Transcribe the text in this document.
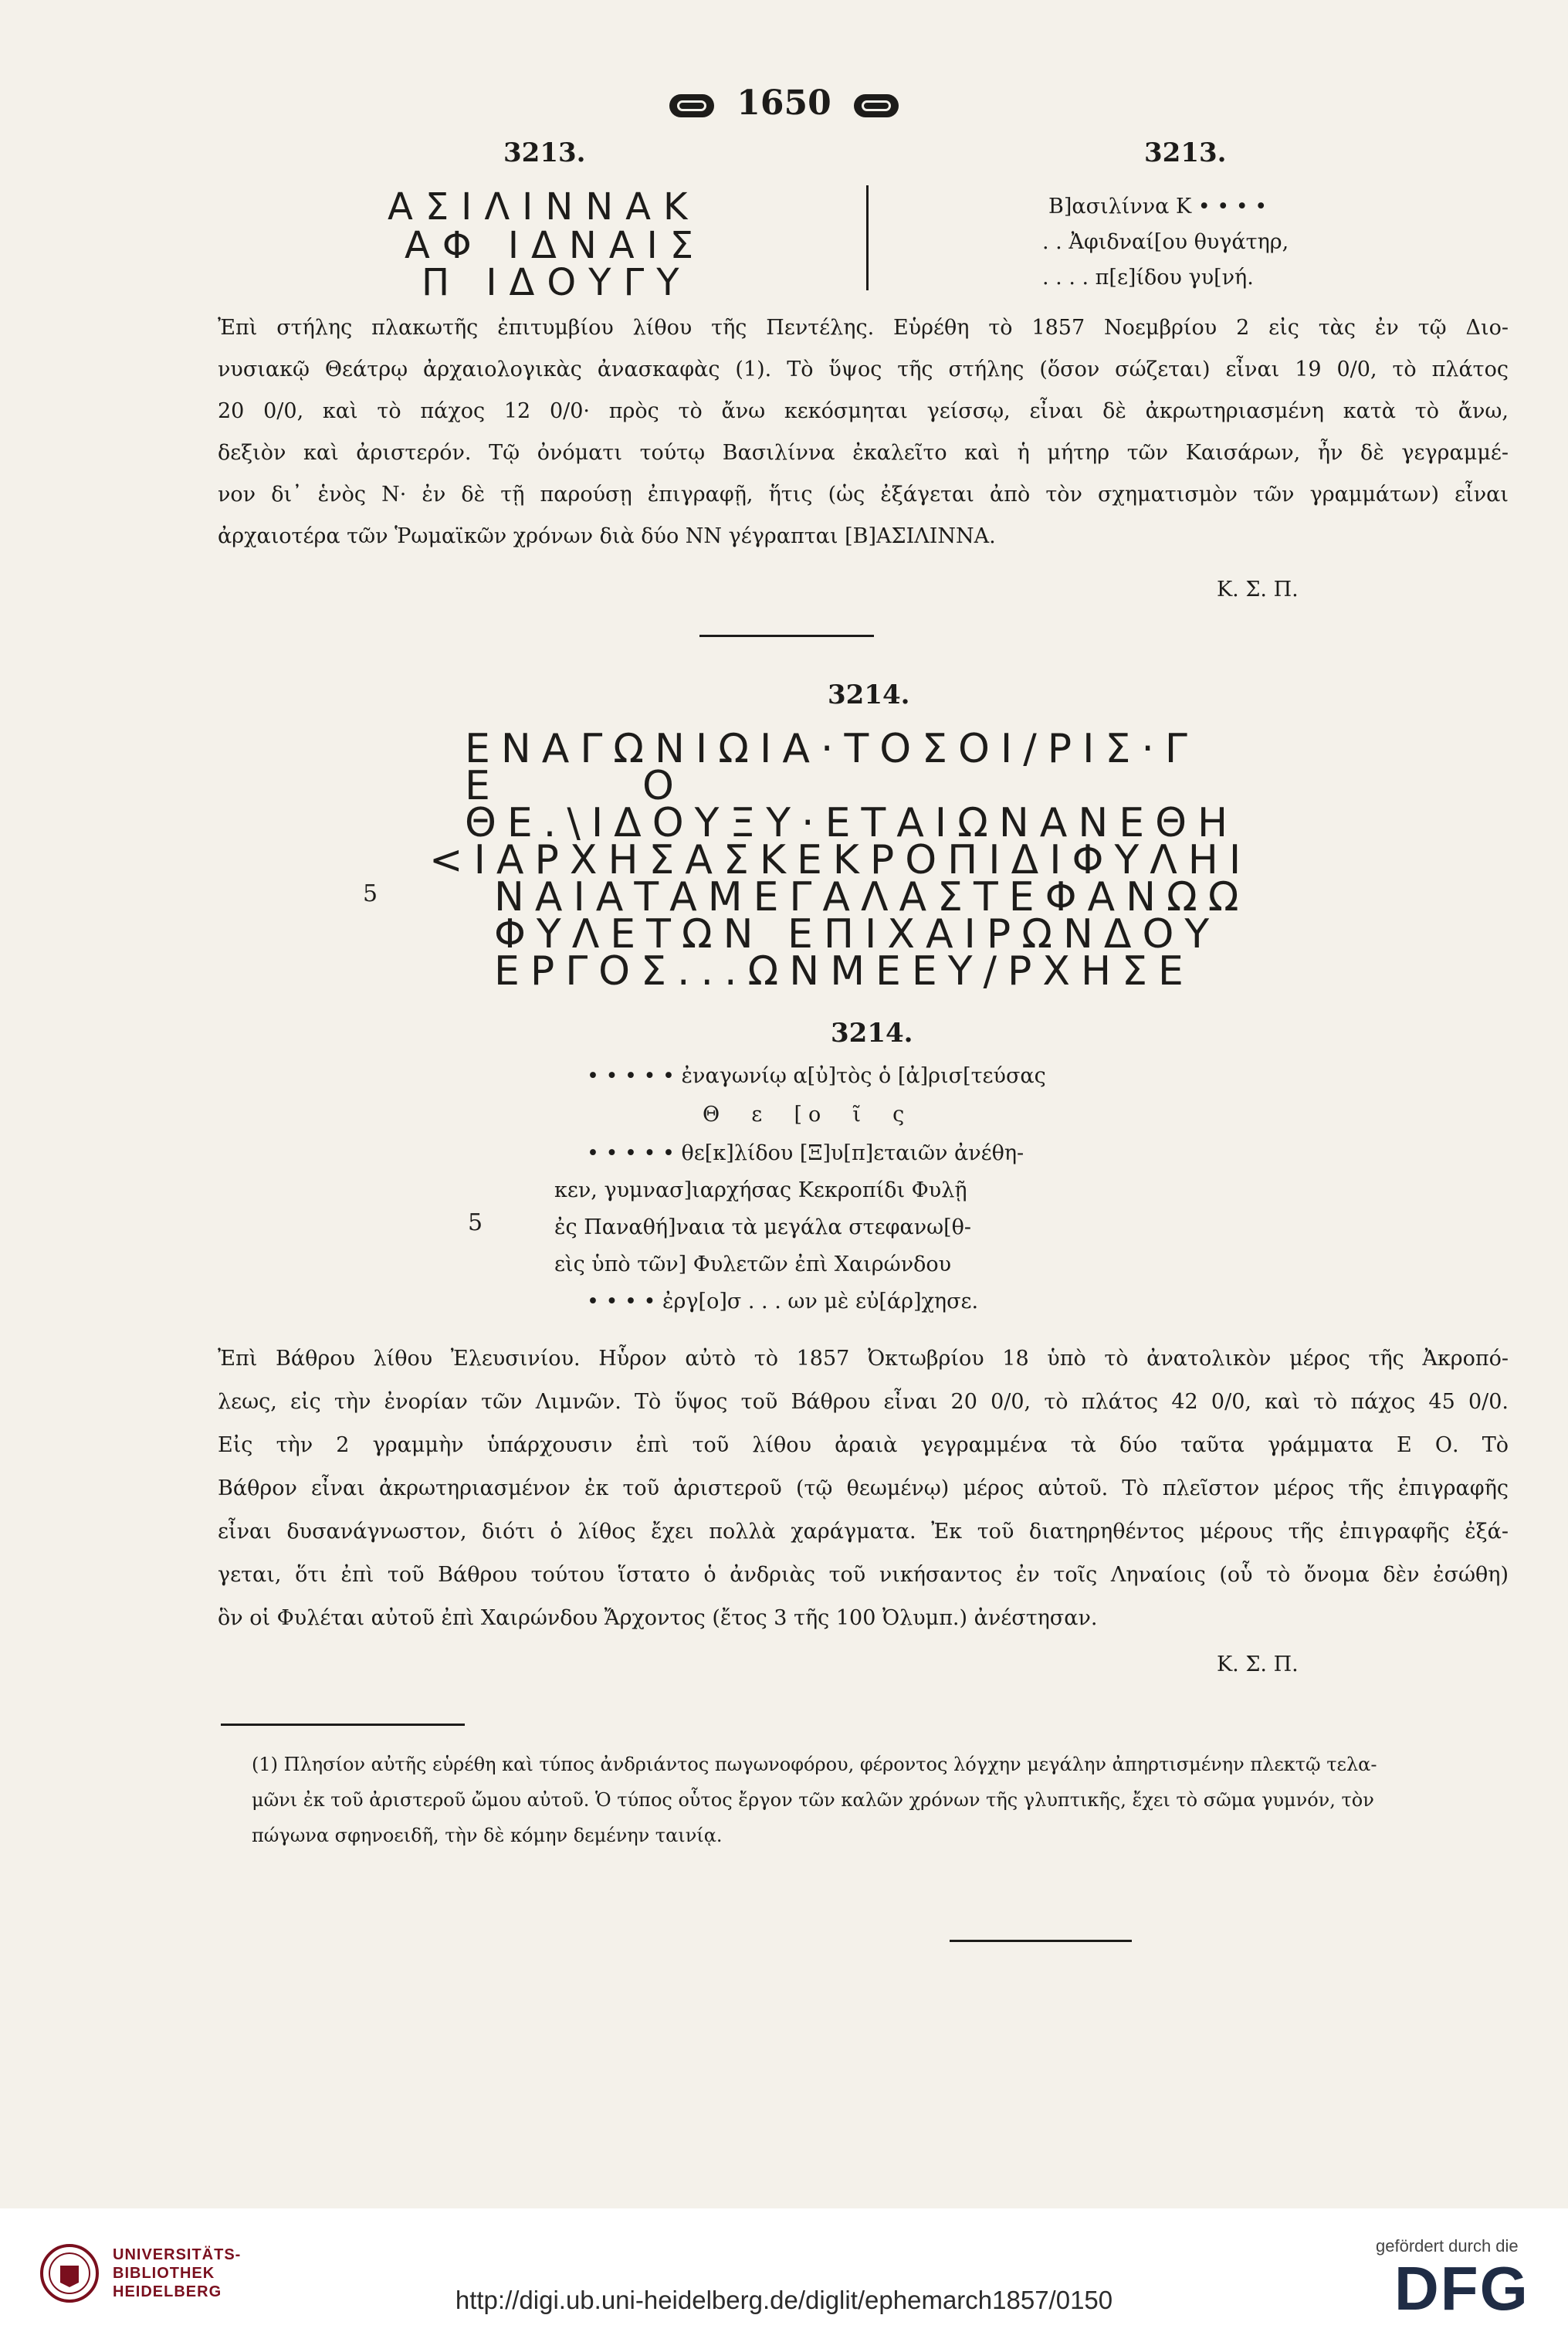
1650
3213.	3213.
ΑΣΙΛΙΝΝΑΚ
ΑΦ ΙΔΝΑΙΣ
Π ΙΔΟΥΓΥ
Β]ασιλίννα Κ • • • •
. . Ἀφιδναί[ου θυγάτηρ,
. . . . π[ε]ίδου γυ[νή.
Ἐπὶ στήλης πλακωτῆς ἐπιτυμβίου λίθου τῆς Πεντέλης. Εὑρέθη τὸ 1857 Νοεμβρίου 2 εἰς τὰς ἐν τῷ Διο-
νυσιακῷ Θεάτρῳ ἀρχαιολογικὰς ἀνασκαφὰς (1). Τὸ ὕψος τῆς στήλης (ὅσον σώζεται) εἶναι 19 0/0, τὸ πλάτος
20 0/0, καὶ τὸ πάχος 12 0/0· πρὸς τὸ ἄνω κεκόσμηται γείσσῳ, εἶναι δὲ ἀκρωτηριασμένη κατὰ τὸ ἄνω,
δεξιὸν καὶ ἀριστερόν. Τῷ ὀνόματι τούτῳ Βασιλίννα ἐκαλεῖτο καὶ ἡ μήτηρ τῶν Καισάρων, ἦν δὲ γεγραμμέ-
νον δι᾽ ἑνὸς Ν· ἐν δὲ τῇ παρούσῃ ἐπιγραφῇ, ἥτις (ὡς ἐξάγεται ἀπὸ τὸν σχηματισμὸν τῶν γραμμάτων) εἶναι
ἀρχαιοτέρα τῶν Ῥωμαϊκῶν χρόνων διὰ δύο ΝΝ γέγραπται [Β]ΑΣΙΛΙΝΝΑ.
Κ. Σ. Π.
3214.
ΕΝΑΓΩΝΙΩΙΑ·ΤΟΣΟΙ/ΡΙΣ·Γ
Ε      Ο
ΘΕ.\ΙΔΟΥΞΥ·ΕΤΑΙΩΝΑΝΕΘΗ
<ΙΑΡΧΗΣΑΣΚΕΚΡΟΠΙΔΙΦΥΛΗΙ
5	ΝΑΙΑΤΑΜΕΓΑΛΑΣΤΕΦΑΝΩΩ
ΦΥΛΕΤΩΝ ΕΠΙΧΑΙΡΩΝΔΟΥ
ΕΡΓΟΣ...ΩΝΜΕΕΥ/ΡΧΗΣΕ
3214.
• • • • • ἐναγωνίῳ α[ὐ]τὸς ὁ [ἀ]ρισ[τεύσας
Θ  ε  [ο  ῖ  ς
• • • • • θε[κ]λίδου [Ξ]υ[π]εταιῶν ἀνέθη-
κεν, γυμνασ]ιαρχήσας Κεκροπίδι Φυλῇ
5	ἐς Παναθή]ναια τὰ μεγάλα στεφανω[θ-
εὶς ὑπὸ τῶν] Φυλετῶν ἐπὶ Χαιρώνδου
• • • • ἐργ[ο]σ . . . ων μὲ εὐ[άρ]χησε.
Ἐπὶ Βάθρου λίθου Ἐλευσινίου. Ηὗρον αὐτὸ τὸ 1857 Ὀκτωβρίου 18 ὑπὸ τὸ ἀνατολικὸν μέρος τῆς Ἀκροπό-
λεως, εἰς τὴν ἐνορίαν τῶν Λιμνῶν. Τὸ ὕψος τοῦ Βάθρου εἶναι 20 0/0, τὸ πλάτος 42 0/0, καὶ τὸ πάχος 45 0/0.
Εἰς τὴν 2 γραμμὴν ὑπάρχουσιν ἐπὶ τοῦ λίθου ἀραιὰ γεγραμμένα τὰ δύο ταῦτα γράμματα Ε Ο. Τὸ
Βάθρον εἶναι ἀκρωτηριασμένον ἐκ τοῦ ἀριστεροῦ (τῷ θεωμένῳ) μέρος αὐτοῦ. Τὸ πλεῖστον μέρος τῆς ἐπιγραφῆς
εἶναι δυσανάγνωστον, διότι ὁ λίθος ἔχει πολλὰ χαράγματα. Ἐκ τοῦ διατηρηθέντος μέρους τῆς ἐπιγραφῆς ἐξά-
γεται, ὅτι ἐπὶ τοῦ Βάθρου τούτου ἵστατο ὁ ἀνδριὰς τοῦ νικήσαντος ἐν τοῖς Ληναίοις (οὗ τὸ ὄνομα δὲν ἐσώθη)
ὃν οἱ Φυλέται αὐτοῦ ἐπὶ Χαιρώνδου Ἄρχοντος (ἔτος 3 τῆς 100 Ὀλυμπ.) ἀνέστησαν.
Κ. Σ. Π.
(1) Πλησίον αὐτῆς εὑρέθη καὶ τύπος ἀνδριάντος πωγωνοφόρου, φέροντος λόγχην μεγάλην ἀπηρτισμένην πλεκτῷ τελα-
μῶνι ἐκ τοῦ ἀριστεροῦ ὤμου αὐτοῦ. Ὁ τύπος οὗτος ἔργον τῶν καλῶν χρόνων τῆς γλυπτικῆς, ἔχει τὸ σῶμα γυμνόν, τὸν
πώγωνα σφηνοειδῆ, τὴν δὲ κόμην δεμένην ταινίᾳ.
UNIVERSITÄTS-
BIBLIOTHEK
HEIDELBERG	http://digi.ub.uni-heidelberg.de/diglit/ephemarch1857/0150
gefördert durch die
DFG
